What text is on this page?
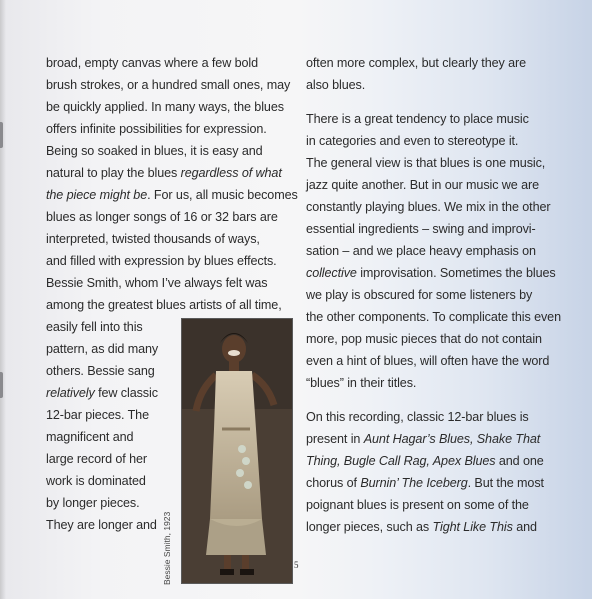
broad, empty canvas where a few bold
brush strokes, or a hundred small ones, may
be quickly applied. In many ways, the blues
offers infinite possibilities for expression.
Being so soaked in blues, it is easy and
natural to play the blues regardless of what
the piece might be. For us, all music becomes
blues as longer songs of 16 or 32 bars are
interpreted, twisted thousands of ways,
and filled with expression by blues effects.
Bessie Smith, whom I’ve always felt was
among the greatest blues artists of all time,
easily fell into this
pattern, as did many
others. Bessie sang
relatively few classic
12-bar pieces. The
magnificent and
large record of her
work is dominated
by longer pieces.
They are longer and Bessie Smith, 1923
often more complex, but clearly they are
also blues.
There is a great tendency to place music
in categories and even to stereotype it.
The general view is that blues is one music,
jazz quite another. But in our music we are
constantly playing blues. We mix in the other
essential ingredients – swing and improvi-
sation – and we place heavy emphasis on
collective improvisation. Sometimes the blues
we play is obscured for some listeners by
the other components. To complicate this even
more, pop music pieces that do not contain
even a hint of blues, will often have the word
“blues” in their titles.
On this recording, classic 12-bar blues is
present in Aunt Hagar’s Blues, Shake That
Thing, Bugle Call Rag, Apex Blues and one
chorus of Burnin’ The Iceberg. But the most
poignant blues is present on some of the
longer pieces, such as Tight Like This and
5
